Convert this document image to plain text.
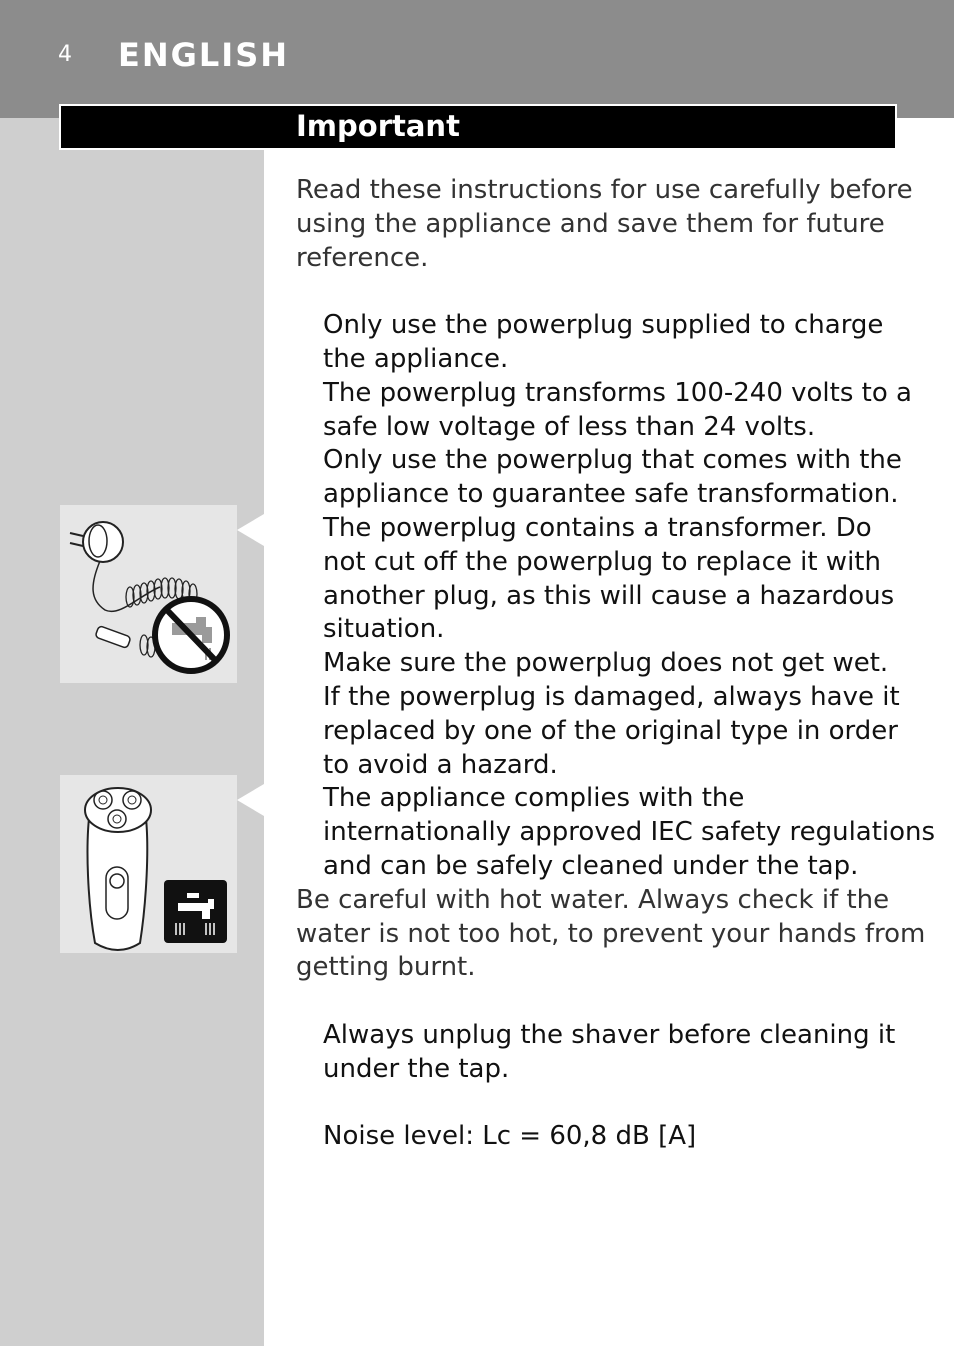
4 ENGLISH
Important
Read these instructions for use carefully before
using the appliance and save them for future
reference.
Only use the powerplug supplied to charge
the appliance.
The powerplug transforms 100-240 volts to a
safe low voltage of less than 24 volts.
Only use the powerplug that comes with the
appliance to guarantee safe transformation.
The powerplug contains a transformer. Do
not cut off the powerplug to replace it with
another plug, as this will cause a hazardous
situation.
Make sure the powerplug does not get wet.
If the powerplug is damaged, always have it
replaced by one of the original type in order
to avoid a hazard.
The appliance complies with the
internationally approved IEC safety regulations
and can be safely cleaned under the tap.
Be careful with hot water. Always check if the
water is not too hot, to prevent your hands from
getting burnt.
Always unplug the shaver before cleaning it
under the tap.
Noise level: Lc = 60,8 dB [A]
